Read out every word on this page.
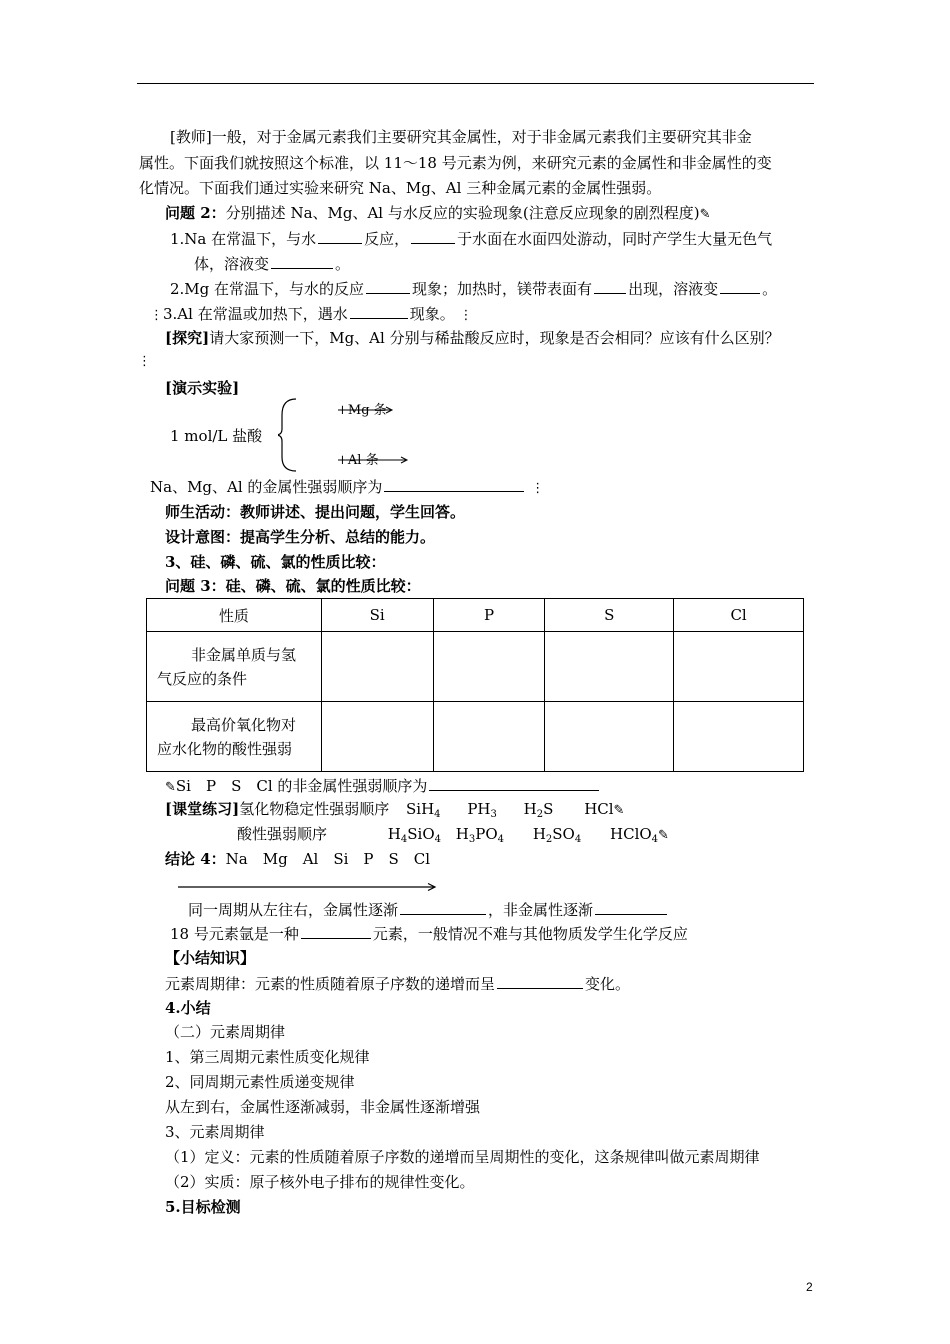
[教师]一般，对于金属元素我们主要研究其金属性，对于非金属元素我们主要研究其非金
属性。下面我们就按照这个标准，以 11～18 号元素为例，来研究元素的金属性和非金属性的变
化情况。下面我们通过实验来研究 Na、Mg、Al 三种金属元素的金属性强弱。
问题 2：分别描述 Na、Mg、Al 与水反应的实验现象(注意反应现象的剧烈程度)✎
1.Na 在常温下，与水	反应，	于水面在水面四处游动，同时产学生大量无色气
体，溶液变	。
2.Mg 在常温下，与水的反应	现象；加热时，镁带表面有 出现，溶液变	。
⋮3.Al 在常温或加热下，遇水	现象。 ⋮
[探究]请大家预测一下，Mg、Al 分别与稀盐酸反应时，现象是否会相同？应该有什么区别？
⋮
[演示实验]
1 mol/L 盐酸
+Mg 条
+Al 条
Na、Mg、Al 的金属性强弱顺序为	⋮
师生活动：教师讲述、提出问题，学生回答。
设计意图：提高学生分析、总结的能力。
3、硅、磷、硫、氯的性质比较：
问题 3：硅、磷、硫、氯的性质比较：
性质	Si	P	S	Cl
非金属单质与氢
气反应的条件				
最高价氧化物对
应水化物的酸性强弱				
✎Si　P　S　Cl 的非金属性强弱顺序为
[课堂练习]氢化物稳定性强弱顺序 SiH$_4$ $PH_3$ $H_2S$ HCl✎
酸性强弱顺序	$H_4SiO_4$ $H_3PO_4$ $H_2SO_4$ HClO$_4$✎
结论 4：Na　Mg　Al　Si　P　S　Cl
同一周期从左往右，金属性逐渐	，非金属性逐渐
18 号元素氩是一种	元素，一般情况不难与其他物质发学生化学反应
【小结知识】
元素周期律：元素的性质随着原子序数的递增而呈	变化。
4.小结
（二）元素周期律
1、第三周期元素性质变化规律
2、同周期元素性质递变规律
从左到右，金属性逐渐减弱，非金属性逐渐增强
3、元素周期律
（1）定义：元素的性质随着原子序数的递增而呈周期性的变化，这条规律叫做元素周期律
（2）实质：原子核外电子排布的规律性变化。
5.目标检测
2
